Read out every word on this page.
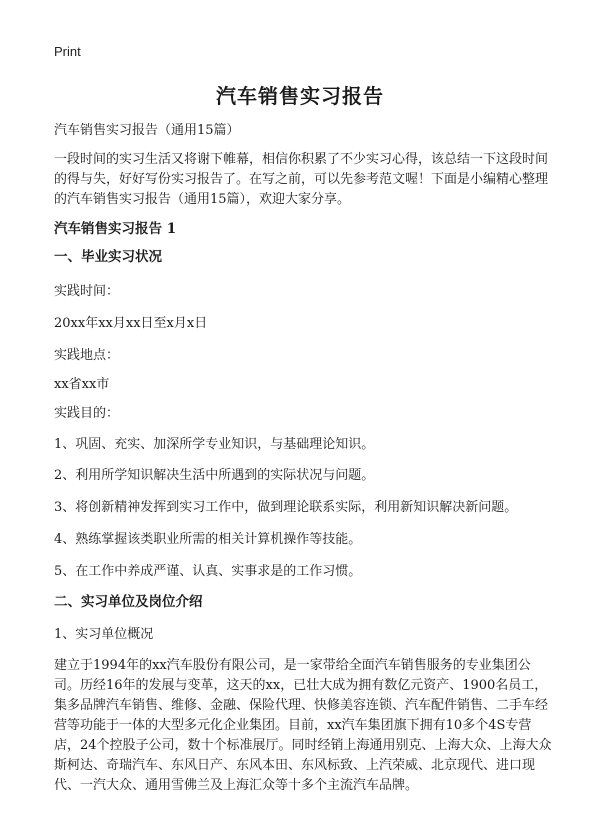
Print
汽车销售实习报告

汽车销售实习报告（通用15篇）

一段时间的实习生活又将谢下帷幕，相信你积累了不少实习心得，该总结一下这段时间的得与失，好好写份实习报告了。在写之前，可以先参考范文喔！下面是小编精心整理的汽车销售实习报告（通用15篇），欢迎大家分享。

汽车销售实习报告 1

一、毕业实习状况

实践时间：

20xx年xx月xx日至x月x日

实践地点：

xx省xx市

实践目的：

1、巩固、充实、加深所学专业知识，与基础理论知识。

2、利用所学知识解决生活中所遇到的实际状况与问题。

3、将创新精神发挥到实习工作中，做到理论联系实际，利用新知识解决新问题。

4、熟练掌握该类职业所需的相关计算机操作等技能。

5、在工作中养成严谨、认真、实事求是的工作习惯。

二、实习单位及岗位介绍

1、实习单位概况

建立于1994年的xx汽车股份有限公司，是一家带给全面汽车销售服务的专业集团公司。历经16年的发展与变革，这天的xx，已壮大成为拥有数亿元资产、1900名员工，集多品牌汽车销售、维修、金融、保险代理、快修美容连锁、汽车配件销售、二手车经营等功能于一体的大型多元化企业集团。目前，xx汽车集团旗下拥有10多个4S专营店，24个控股子公司，数十个标准展厅。同时经销上海通用别克、上海大众、上海大众斯柯达、奇瑞汽车、东风日产、东风本田、东风标致、上汽荣威、北京现代、进口现代、一汽大众、通用雪佛兰及上海汇众等十多个主流汽车品牌。
